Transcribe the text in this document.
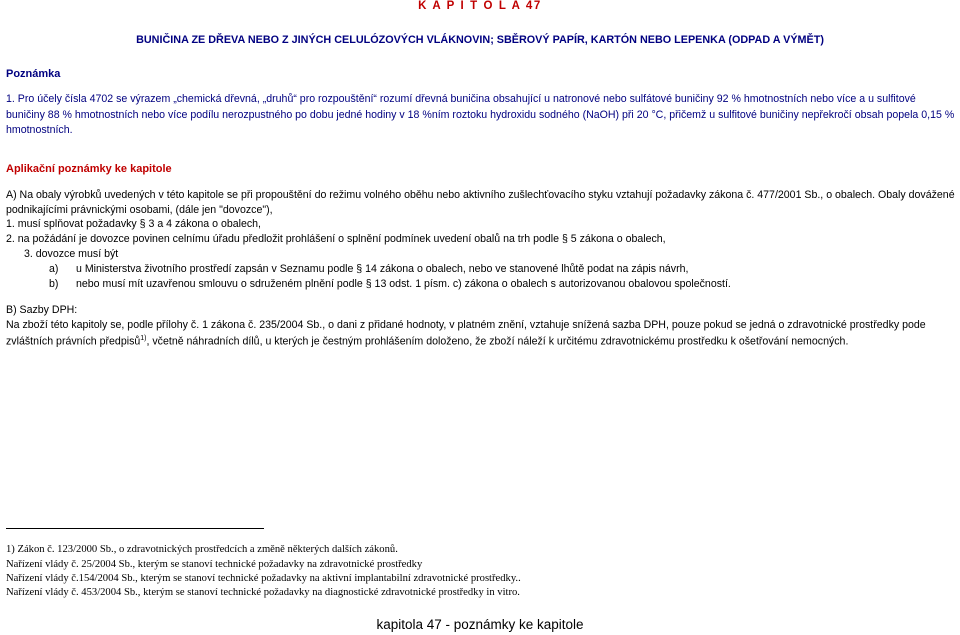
K A P I T O L A 47
BUNIČINA ZE DŘEVA NEBO Z JINÝCH CELULÓZOVÝCH VLÁKNOVIN; SBĚROVÝ PAPÍR, KARTÓN NEBO LEPENKA (ODPAD A VÝMĚT)
Poznámka
1. Pro účely čísla 4702 se výrazem „chemická dřevná, „druhů“ pro rozpouštění“ rozumí dřevná buničina obsahující u natronové nebo sulfátové buničiny 92 % hmotnostních nebo více a u sulfitové buničiny 88 % hmotnostních nebo více podílu nerozpustného po dobu jedné hodiny v 18 %ním roztoku hydroxidu sodného (NaOH) při 20 °C, přičemž u sulfitové buničiny nepřekročí obsah popela 0,15 % hmotnostních.
Aplikační poznámky ke kapitole
A) Na obaly výrobků uvedených v této kapitole se při propouštění do režimu volného oběhu nebo aktivního zušlechťovacího styku vztahují požadavky zákona č. 477/2001 Sb., o obalech. Obaly dovážené podnikajícími právnickými osobami, (dále jen "dovozce"),
1. musí splňovat požadavky § 3 a 4 zákona o obalech,
2. na požádání je dovozce povinen celnímu úřadu předložit prohlášení o splnění podmínek uvedení obalů na trh podle § 5 zákona o obalech,
3. dovozce musí být
a) u Ministerstva životního prostředí zapsán v Seznamu podle § 14 zákona o obalech, nebo ve stanovené lhůtě podat na zápis návrh,
b) nebo musí mít uzavřenou smlouvu o sdruženém plnění podle § 13 odst. 1 písm. c) zákona o obalech s autorizovanou obalovou společností.
B) Sazby DPH:
Na zboží této kapitoly se, podle přílohy č. 1 zákona č. 235/2004 Sb., o dani z přidané hodnoty, v platném znění, vztahuje snížená sazba DPH, pouze pokud se jedná o zdravotnické prostředky pode
zvláštních právních předpisů$^{1)}$, včetně náhradních dílů, u kterých je čestným prohlášením doloženo, že zboží náleží k určitému zdravotnickému prostředku k ošetřování nemocných.
1) Zákon č. 123/2000 Sb., o zdravotnických prostředcích a změně některých dalších zákonů.
Nařízení vlády č. 25/2004 Sb., kterým se stanoví technické požadavky na zdravotnické prostředky
Nařízení vlády č.154/2004 Sb., kterým se stanoví technické požadavky na aktivní implantabilní zdravotnické prostředky..
Nařízení vlády č. 453/2004 Sb., kterým se stanoví technické požadavky na diagnostické zdravotnické prostředky in vitro.
kapitola 47 - poznámky ke kapitole
